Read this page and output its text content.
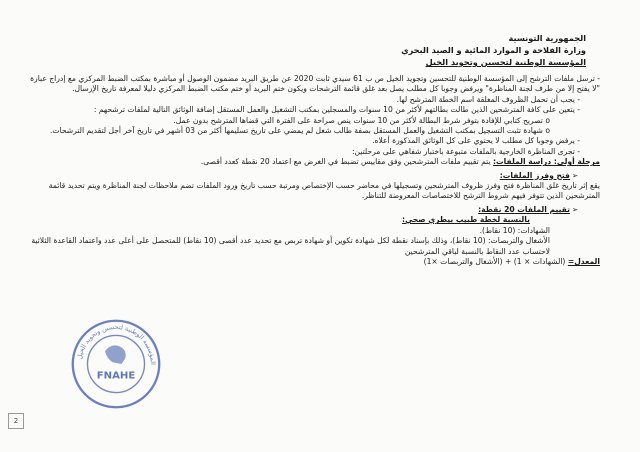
الجمهورية التونسية
وزارة الفلاحة و الموارد المائية و الصيد البحري
المؤسسة الوطنية لتحسين وتجويد الخيل

- ترسل ملفات الترشح إلى المؤسسة الوطنية للتحسين وتجويد الخيل ص ب 61 سيدي ثابت 2020 عن طريق البريد مضمون الوصول أو مباشرة بمكتب الضبط المركزي مع إدراج عبارة "لا يفتح إلا من طرف لجنة المناظرة" ويرفض وجوبا كل مطلب يصل بعد غلق قائمة الترشحات ويكون ختم البريد أو ختم مكتب الضبط المركزي دليلا لمعرفة تاريخ الإرسال.

- يجب أن تحمل الظروف المغلقة اسم الخطة المترشح لها.

- يتعين على كافة المترشحين الذين طالت بطالتهم لأكثر من 10 سنوات والمسجلين بمكتب التشغيل والعمل المستقل إضافة الوثائق التالية لملفات ترشحهم :

o تصريح كتابي للإفادة بتوفر شرط البطالة لأكثر من 10 سنوات ينص صراحة على الفترة التي قضاها المترشح بدون عمل.

o شهادة تثبت التسجيل بمكتب التشغيل والعمل المستقل بصفة طالب شغل لم يمضي على تاريخ تسليمها أكثر من 03 أشهر في تاريخ آخر أجل لتقديم الترشحات.

- يرفض وجوبا كل مطلب لا يحتوي على كل الوثائق المذكورة أعلاه.

- تجرى المناظرة الخارجية بالملفات متبوعة باختبار شفاهي على مرحلتين:

مرحلة أولى: دراسة الملفات: يتم تقييم ملفات المترشحين وفق مقاييس تضبط في الغرض مع اعتماد 20 نقطة كعدد أقصى.

➢فتح وفرز الملفات:

يقع إثر تاريخ غلق المناظرة فتح وفرز ظروف المترشحين وتسجيلها في محاضر حسب الإختصاص ومرتبة حسب تاريخ ورود الملفات تضم ملاحظات لجنة المناظرة ويتم تحديد قائمة المترشحين الذين تتوفر فيهم شروط الترشح للاختصاصات المعروضة للتناظر.

➢تقييم الملفات 20 نقطة:

بالنسبة لخطة طبيب بيطري صحي:

الشهادات: (10 نقاط).

الأشغال والتربصات: (10 نقاط)، وذلك بإسناد نقطة لكل شهادة تكوين أو شهادة تربص مع تحديد عدد أقصى (10 نقاط) للمتحصل على أعلى عدد واعتماد القاعدة الثلاثية لاحتساب عدد النقاط بالنسبة لباقي المترشحين

المعدل= (الشهادات × 1) + (الأشغال والتربصات ×1)

المؤسسة الوطنية لتحسين وتجويد الخيل
FNAHE
2
